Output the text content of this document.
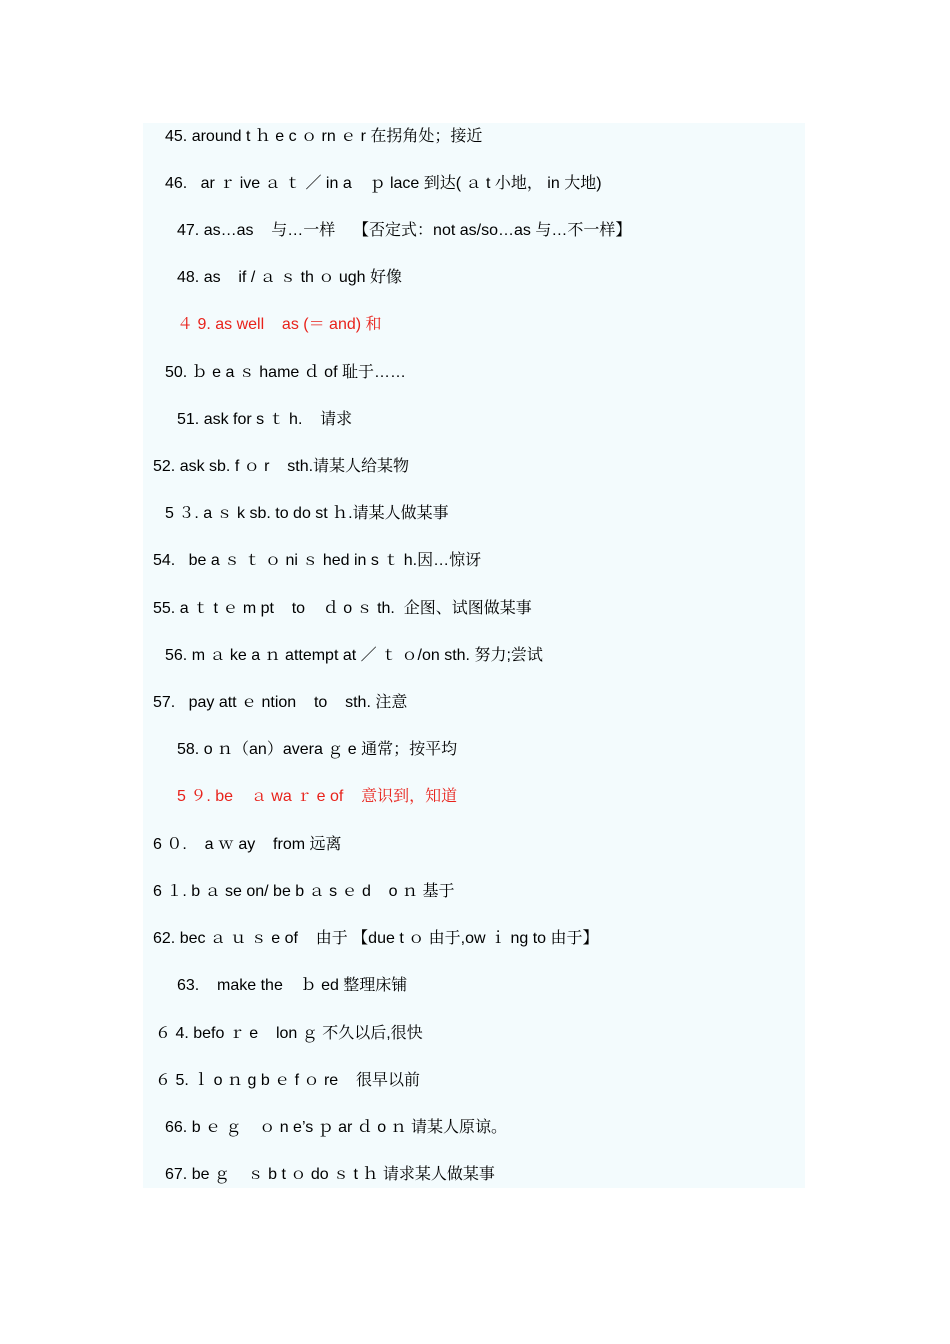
45. around t ｈ e c ｏ rn ｅ r 在拐角处；接近
46.   ar ｒ ive ａ ｔ ／ in a    ｐ lace 到达( ａ t 小地， in 大地)
47. as…as    与…一样    【否定式：not as/so…as 与…不一样】
48. as    if / ａ ｓ th ｏ ugh 好像
４ 9. as well    as (＝ and) 和
50. ｂ e a ｓ hame ｄ of 耻于……
51. ask for s ｔ h.    请求
52. ask sb. f ｏ r    sth.请某人给某物
5 ３. a ｓ k sb. to do st ｈ.请某人做某事
54.   be a ｓ ｔ ｏ ni ｓ hed in s ｔ h.因…惊讶
55. a ｔ t ｅ m pt    to    ｄ o ｓ th.  企图、试图做某事
56. m ａ ke a ｎ attempt at ／ ｔ ｏ/on sth. 努力;尝试
57.   pay att ｅ ntion    to    sth. 注意
58. o ｎ（an）avera ｇ e 通常；按平均
5 ９. be    ａ wa ｒ e of    意识到，知道
6 ０.    a ｗ ay    from 远离
6 １. b ａ se on/ be b ａ s ｅ d    o ｎ 基于
62. bec ａ ｕ ｓ e of    由于 【due t ｏ 由于,ow ｉ ng to 由于】
63.    make the    ｂ ed 整理床铺
６ 4. befo ｒ e    lon ｇ 不久以后,很快
６ 5. ｌ o ｎ g b ｅ f ｏ re    很早以前
66. b ｅ ｇ    ｏ n e’s ｐ ar ｄ o ｎ 请某人原谅。
67. be ｇ    ｓ b t ｏ do ｓ t ｈ 请求某人做某事
